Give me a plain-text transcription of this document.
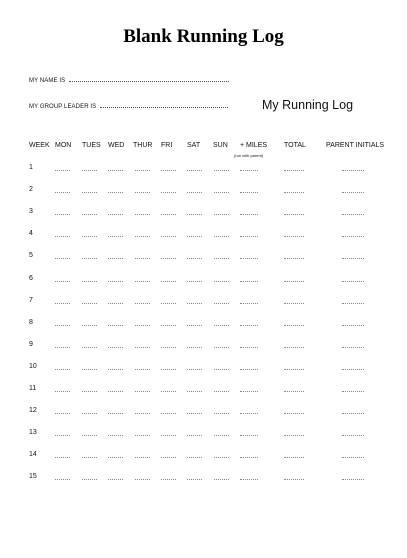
Blank Running Log
MY NAME IS
MY GROUP LEADER IS	My Running Log
WEEK MON TUES WED THUR FRI SAT SUN + MILES TOTAL	PARENT INITIALS
(run with parent)
1
2
3
4
5
6
7
8
9
10
11
12
13
14
15
